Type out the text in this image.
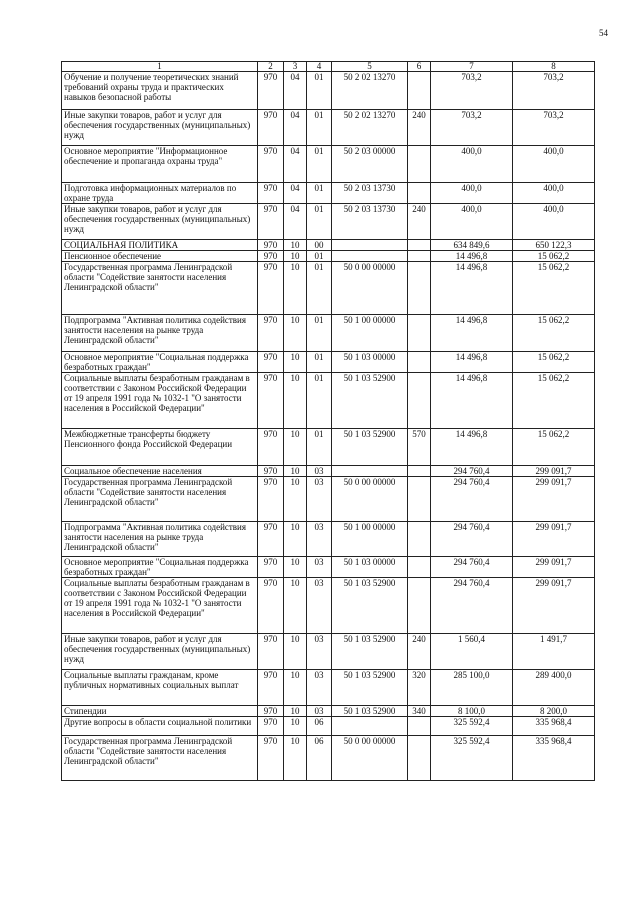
54
1	2	3	4	5	6	7	8
Обучение и получение теоретических знаний требований охраны труда и практических навыков безопасной работы	970	04	01	50 2 02 13270		703,2	703,2
Иные закупки товаров, работ и услуг для обеспечения государственных (муниципальных) нужд	970	04	01	50 2 02 13270	240	703,2	703,2
Основное мероприятие "Информационное обеспечение и пропаганда охраны труда"	970	04	01	50 2 03 00000		400,0	400,0
Подготовка информационных материалов по охране труда	970	04	01	50 2 03 13730		400,0	400,0
Иные закупки товаров, работ и услуг для обеспечения государственных (муниципальных) нужд	970	04	01	50 2 03 13730	240	400,0	400,0
СОЦИАЛЬНАЯ ПОЛИТИКА	970	10	00			634 849,6	650 122,3
Пенсионное обеспечение	970	10	01			14 496,8	15 062,2
Государственная программа Ленинградской области "Содействие занятости населения Ленинградской области"	970	10	01	50 0 00 00000		14 496,8	15 062,2
Подпрограмма "Активная политика содействия занятости населения на рынке труда Ленинградской области"	970	10	01	50 1 00 00000		14 496,8	15 062,2
Основное мероприятие "Социальная поддержка безработных граждан"	970	10	01	50 1 03 00000		14 496,8	15 062,2
Социальные выплаты безработным гражданам в соответствии с Законом Российской Федерации от 19 апреля 1991 года № 1032-1 "О занятости населения в Российской Федерации"	970	10	01	50 1 03 52900		14 496,8	15 062,2
Межбюджетные трансферты бюджету Пенсионного фонда Российской Федерации	970	10	01	50 1 03 52900	570	14 496,8	15 062,2
Социальное обеспечение населения	970	10	03			294 760,4	299 091,7
Государственная программа Ленинградской области "Содействие занятости населения Ленинградской области"	970	10	03	50 0 00 00000		294 760,4	299 091,7
Подпрограмма "Активная политика содействия занятости населения на рынке труда Ленинградской области"	970	10	03	50 1 00 00000		294 760,4	299 091,7
Основное мероприятие "Социальная поддержка безработных граждан"	970	10	03	50 1 03 00000		294 760,4	299 091,7
Социальные выплаты безработным гражданам в соответствии с Законом Российской Федерации от 19 апреля 1991 года № 1032-1 "О занятости населения в Российской Федерации"	970	10	03	50 1 03 52900		294 760,4	299 091,7
Иные закупки товаров, работ и услуг для обеспечения государственных (муниципальных) нужд	970	10	03	50 1 03 52900	240	1 560,4	1 491,7
Социальные выплаты гражданам, кроме публичных нормативных социальных выплат	970	10	03	50 1 03 52900	320	285 100,0	289 400,0
Стипендии	970	10	03	50 1 03 52900	340	8 100,0	8 200,0
Другие вопросы в области социальной политики	970	10	06			325 592,4	335 968,4
Государственная программа Ленинградской области "Содействие занятости населения Ленинградской области"	970	10	06	50 0 00 00000		325 592,4	335 968,4
